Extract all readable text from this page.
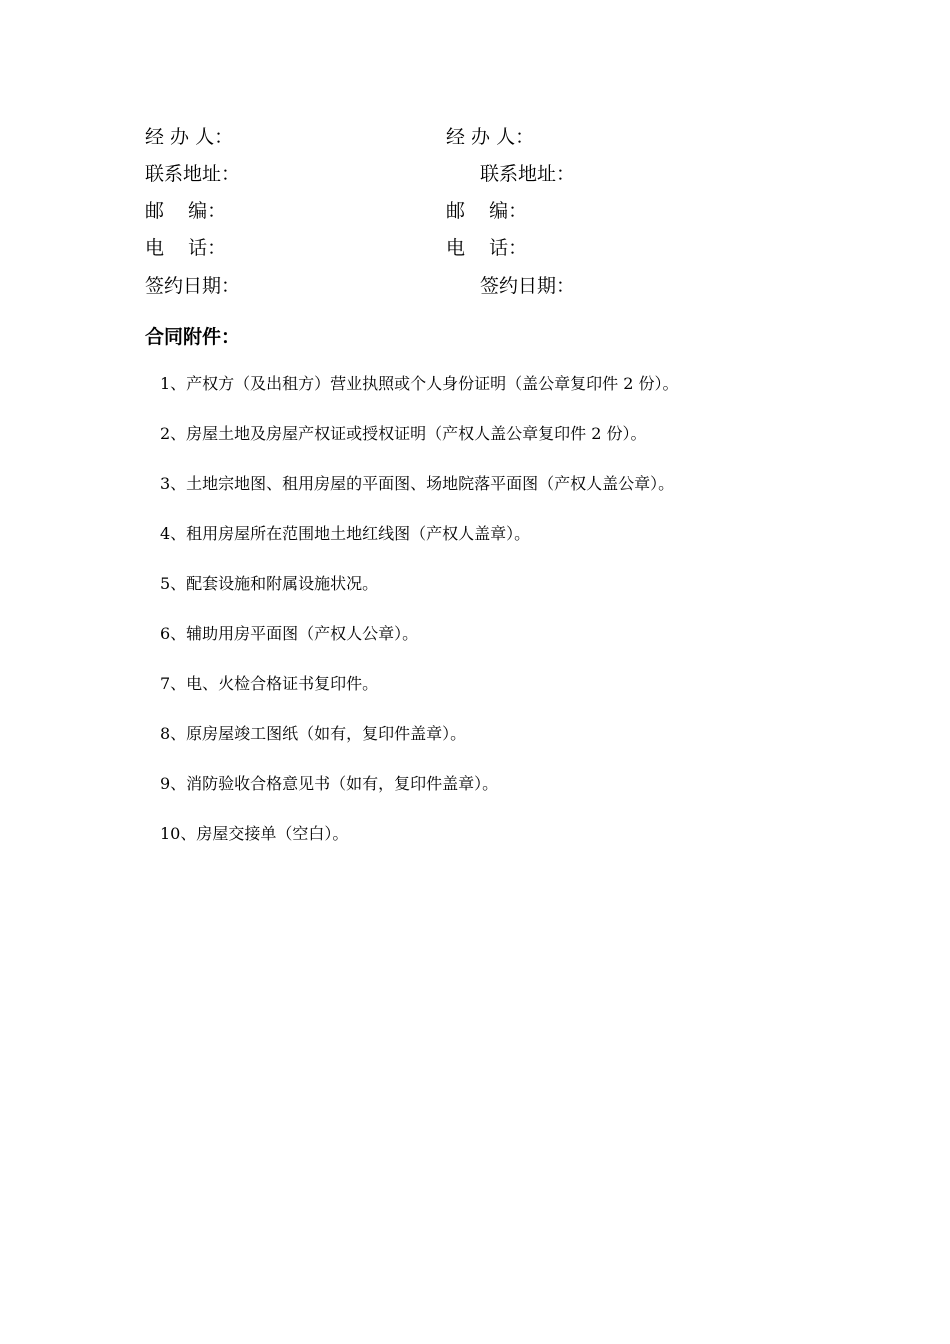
经 办 人：
联系地址：
邮    编：
电    话：
签约日期：
经 办 人：
联系地址：
邮    编：
电    话：
签约日期：
合同附件：
1、产权方（及出租方）营业执照或个人身份证明（盖公章复印件 2 份）。
2、房屋土地及房屋产权证或授权证明（产权人盖公章复印件 2 份）。
3、土地宗地图、租用房屋的平面图、场地院落平面图（产权人盖公章）。
4、租用房屋所在范围地土地红线图（产权人盖章）。
5、配套设施和附属设施状况。
6、辅助用房平面图（产权人公章）。
7、电、火检合格证书复印件。
8、原房屋竣工图纸（如有，复印件盖章）。
9、消防验收合格意见书（如有，复印件盖章）。
10、房屋交接单（空白）。
